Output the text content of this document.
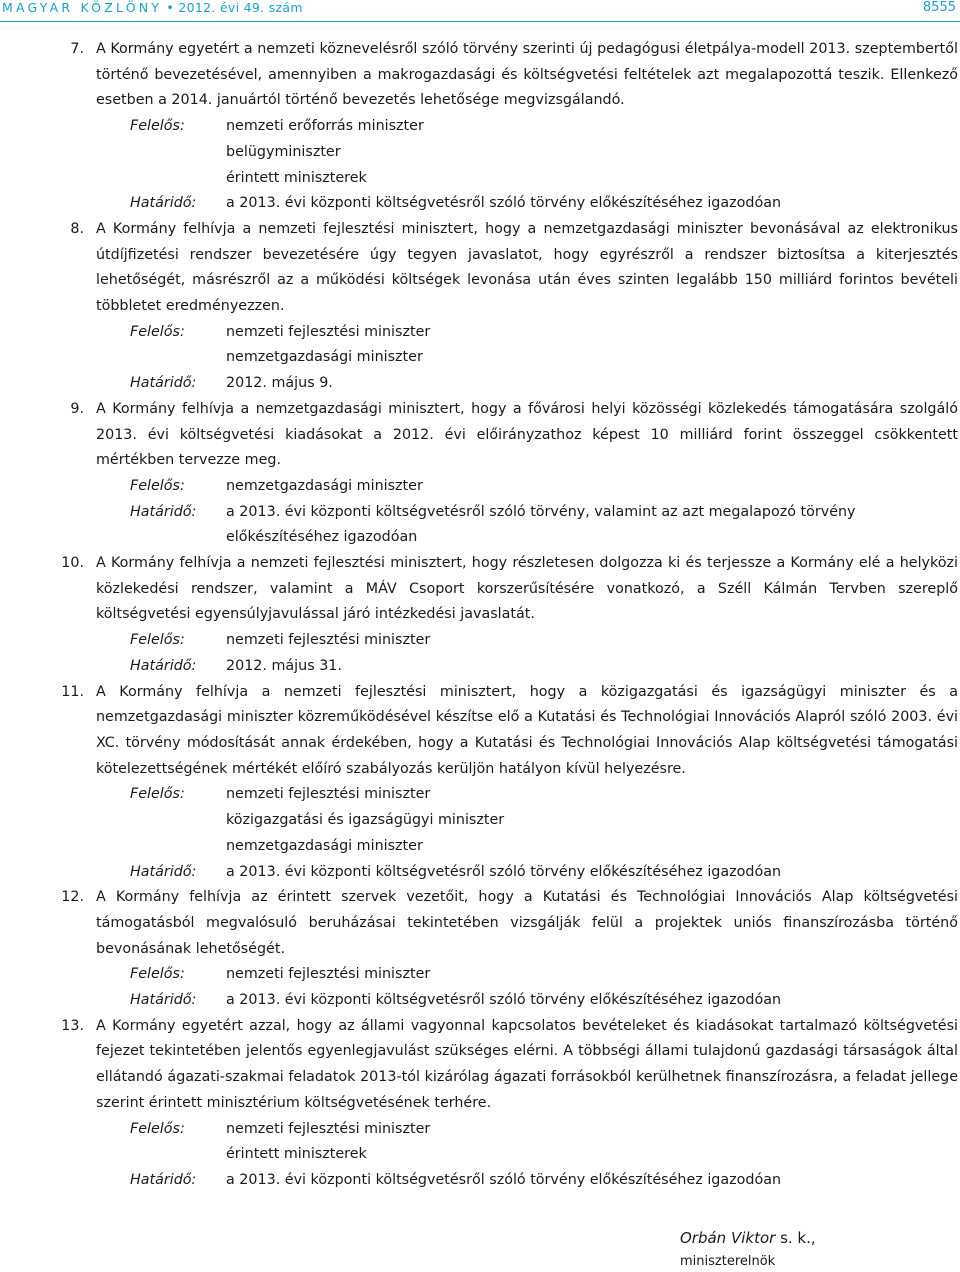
MAGYAR KÖZLÖNY • 2012. évi 49. szám	8555
7. A Kormány egyetért a nemzeti köznevelésről szóló törvény szerinti új pedagógusi életpálya-modell 2013. szeptembertől történő bevezetésével, amennyiben a makrogazdasági és költségvetési feltételek azt megalapozottá teszik. Ellenkező esetben a 2014. januártól történő bevezetés lehetősége megvizsgálandó.
Felelős:	nemzeti erőforrás miniszter
belügyminiszter
érintett miniszterek
Határidő: a 2013. évi központi költségvetésről szóló törvény előkészítéséhez igazodóan
8. A Kormány felhívja a nemzeti fejlesztési minisztert, hogy a nemzetgazdasági miniszter bevonásával az elektronikus útdíjfizetési rendszer bevezetésére úgy tegyen javaslatot, hogy egyrészről a rendszer biztosítsa a kiterjesztés lehetőségét, másrészről az a működési költségek levonása után éves szinten legalább 150 milliárd forintos bevételi többletet eredményezzen.
Felelős:	nemzeti fejlesztési miniszter
nemzetgazdasági miniszter
Határidő: 2012. május 9.
9. A Kormány felhívja a nemzetgazdasági minisztert, hogy a fővárosi helyi közösségi közlekedés támogatására szolgáló 2013. évi költségvetési kiadásokat a 2012. évi előirányzathoz képest 10 milliárd forint összeggel csökkentett mértékben tervezze meg.
Felelős:	nemzetgazdasági miniszter
Határidő: a 2013. évi központi költségvetésről szóló törvény, valamint az azt megalapozó törvény
előkészítéséhez igazodóan
10. A Kormány felhívja a nemzeti fejlesztési minisztert, hogy részletesen dolgozza ki és terjessze a Kormány elé a helyközi közlekedési rendszer, valamint a MÁV Csoport korszerűsítésére vonatkozó, a Széll Kálmán Tervben szereplő költségvetési egyensúlyjavulással járó intézkedési javaslatát.
Felelős:	nemzeti fejlesztési miniszter
Határidő: 2012. május 31.
11. A Kormány felhívja a nemzeti fejlesztési minisztert, hogy a közigazgatási és igazságügyi miniszter és a nemzetgazdasági miniszter közreműködésével készítse elő a Kutatási és Technológiai Innovációs Alapról szóló 2003. évi XC. törvény módosítását annak érdekében, hogy a Kutatási és Technológiai Innovációs Alap költségvetési támogatási kötelezettségének mértékét előíró szabályozás kerüljön hatályon kívül helyezésre.
Felelős:	nemzeti fejlesztési miniszter
közigazgatási és igazságügyi miniszter
nemzetgazdasági miniszter
Határidő: a 2013. évi központi költségvetésről szóló törvény előkészítéséhez igazodóan
12. A Kormány felhívja az érintett szervek vezetőit, hogy a Kutatási és Technológiai Innovációs Alap költségvetési támogatásból megvalósuló beruházásai tekintetében vizsgálják felül a projektek uniós finanszírozásba történő bevonásának lehetőségét.
Felelős:	nemzeti fejlesztési miniszter
Határidő: a 2013. évi központi költségvetésről szóló törvény előkészítéséhez igazodóan
13. A Kormány egyetért azzal, hogy az állami vagyonnal kapcsolatos bevételeket és kiadásokat tartalmazó költségvetési fejezet tekintetében jelentős egyenlegjavulást szükséges elérni. A többségi állami tulajdonú gazdasági társaságok által ellátandó ágazati-szakmai feladatok 2013-tól kizárólag ágazati forrásokból kerülhetnek finanszírozásra, a feladat jellege szerint érintett minisztérium költségvetésének terhére.
Felelős:	nemzeti fejlesztési miniszter
érintett miniszterek
Határidő: a 2013. évi központi költségvetésről szóló törvény előkészítéséhez igazodóan
Orbán Viktor s. k.,
miniszterelnök
